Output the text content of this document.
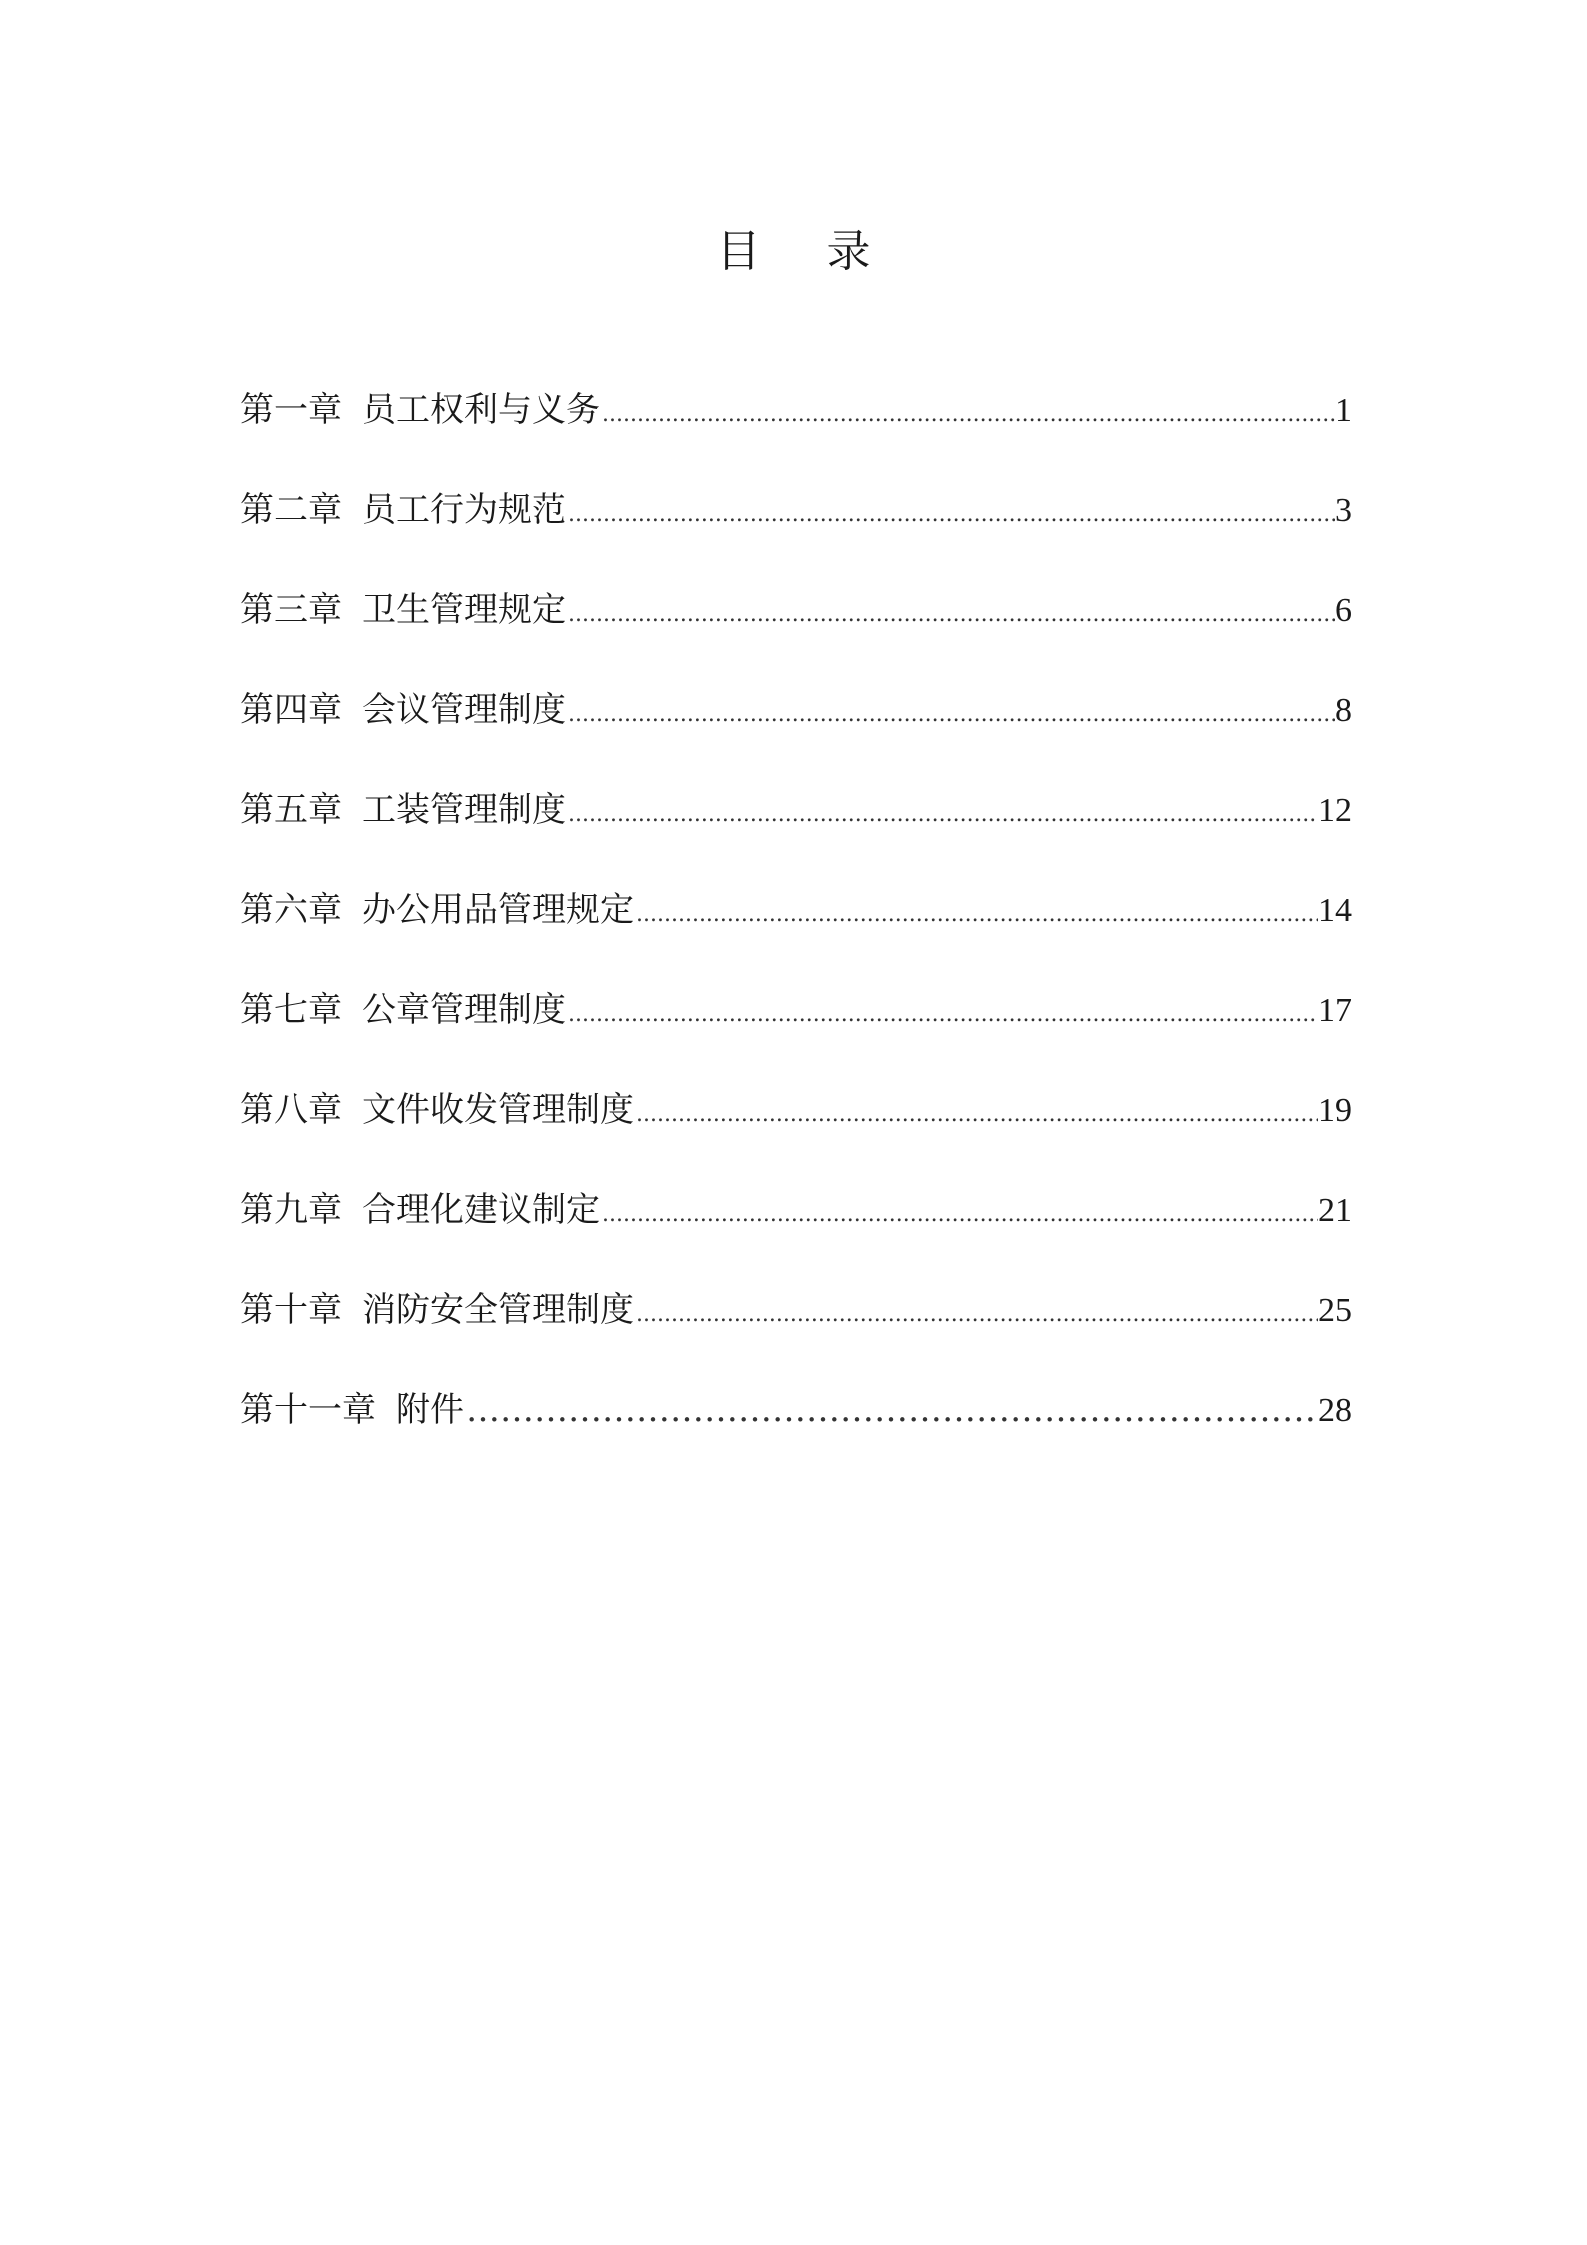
目 录
第一章 员工权利与义务 .....	1
第二章 员工行为规范 .....	3
第三章 卫生管理规定 .....	6
第四章 会议管理制度 .....	8
第五章 工装管理制度 .....	12
第六章 办公用品管理规定 .....	14
第七章 公章管理制度 .....	17
第八章 文件收发管理制度 .....	19
第九章 合理化建议制定 .....	21
第十章 消防安全管理制度 .....	25
第十一章 附件 …………………………………………………………………………………………………………………………………………	28
